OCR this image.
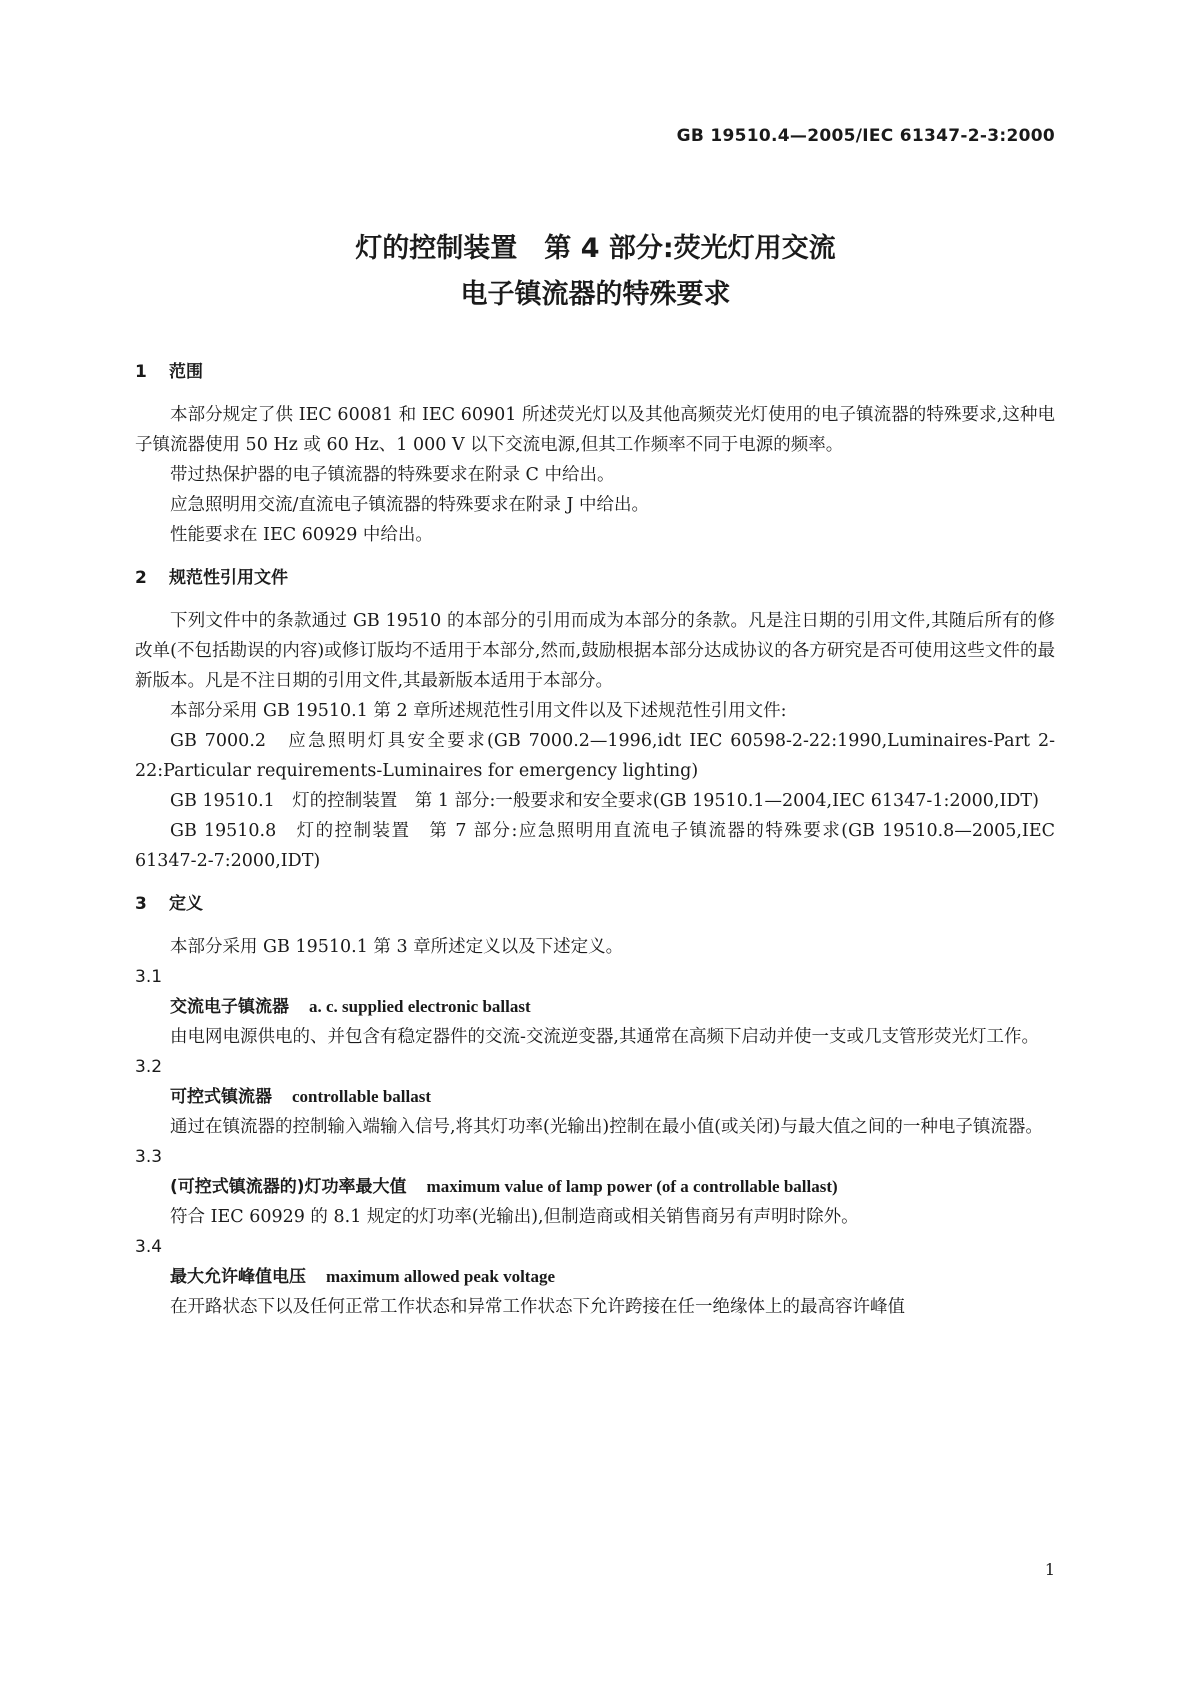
GB 19510.4—2005/IEC 61347-2-3:2000
灯的控制装置　第 4 部分:荧光灯用交流
电子镇流器的特殊要求
1 范围

本部分规定了供 IEC 60081 和 IEC 60901 所述荧光灯以及其他高频荧光灯使用的电子镇流器的特殊要求,这种电子镇流器使用 50 Hz 或 60 Hz、1 000 V 以下交流电源,但其工作频率不同于电源的频率。

带过热保护器的电子镇流器的特殊要求在附录 C 中给出。

应急照明用交流/直流电子镇流器的特殊要求在附录 J 中给出。

性能要求在 IEC 60929 中给出。

2 规范性引用文件

下列文件中的条款通过 GB 19510 的本部分的引用而成为本部分的条款。凡是注日期的引用文件,其随后所有的修改单(不包括勘误的内容)或修订版均不适用于本部分,然而,鼓励根据本部分达成协议的各方研究是否可使用这些文件的最新版本。凡是不注日期的引用文件,其最新版本适用于本部分。

本部分采用 GB 19510.1 第 2 章所述规范性引用文件以及下述规范性引用文件:

GB 7000.2　应急照明灯具安全要求(GB 7000.2—1996,idt IEC 60598-2-22:1990,Luminaires-Part 2-22:Particular requirements-Luminaires for emergency lighting)

GB 19510.1　灯的控制装置　第 1 部分:一般要求和安全要求(GB 19510.1—2004,IEC 61347-1:2000,IDT)

GB 19510.8　灯的控制装置　第 7 部分:应急照明用直流电子镇流器的特殊要求(GB 19510.8—2005,IEC 61347-2-7:2000,IDT)

3 定义

本部分采用 GB 19510.1 第 3 章所述定义以及下述定义。

3.1
交流电子镇流器 a. c. supplied electronic ballast

由电网电源供电的、并包含有稳定器件的交流-交流逆变器,其通常在高频下启动并使一支或几支管形荧光灯工作。

3.2
可控式镇流器 controllable ballast

通过在镇流器的控制输入端输入信号,将其灯功率(光输出)控制在最小值(或关闭)与最大值之间的一种电子镇流器。

3.3
(可控式镇流器的)灯功率最大值 maximum value of lamp power (of a controllable ballast)

符合 IEC 60929 的 8.1 规定的灯功率(光输出),但制造商或相关销售商另有声明时除外。

3.4
最大允许峰值电压 maximum allowed peak voltage

在开路状态下以及任何正常工作状态和异常工作状态下允许跨接在任一绝缘体上的最高容许峰值

1
